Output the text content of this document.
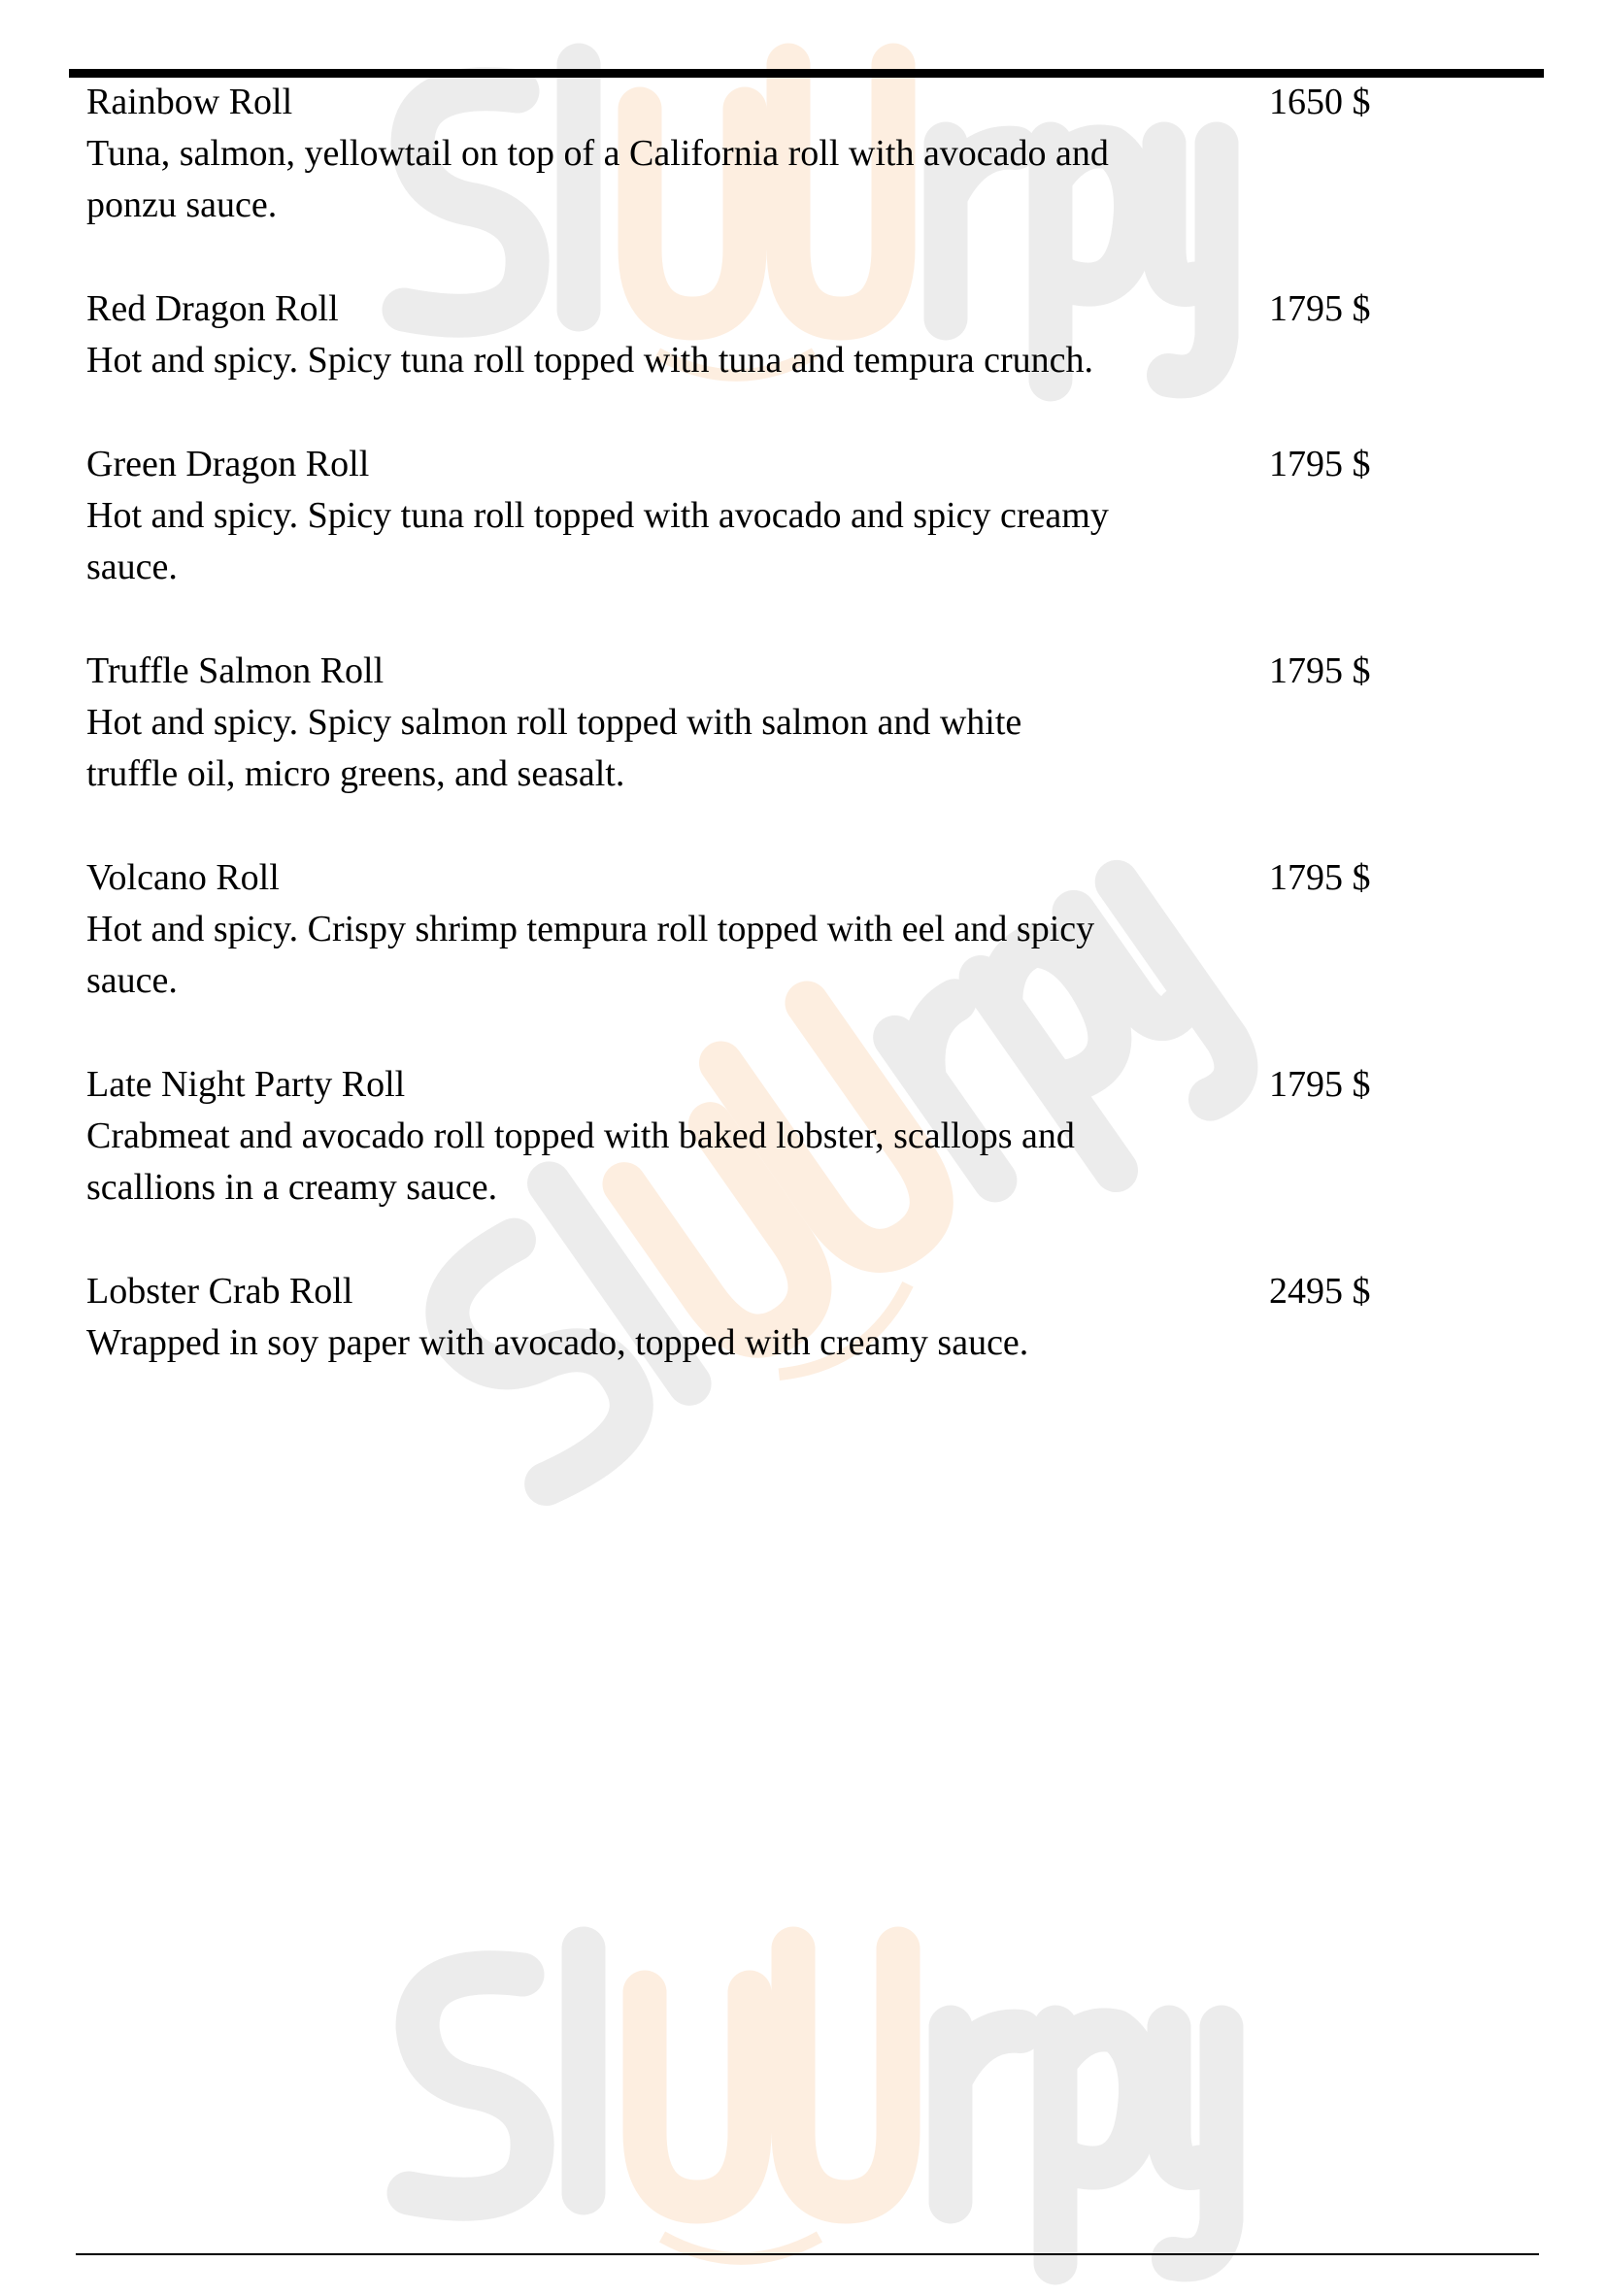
Rainbow Roll
Tuna, salmon, yellowtail on top of a California roll with avocado and
ponzu sauce.
1650 $
Red Dragon Roll
Hot and spicy. Spicy tuna roll topped with tuna and tempura crunch.
1795 $
Green Dragon Roll
Hot and spicy. Spicy tuna roll topped with avocado and spicy creamy
sauce.
1795 $
Truffle Salmon Roll
Hot and spicy. Spicy salmon roll topped with salmon and white
truffle oil, micro greens, and seasalt.
1795 $
Volcano Roll
Hot and spicy. Crispy shrimp tempura roll topped with eel and spicy
sauce.
1795 $
Late Night Party Roll
Crabmeat and avocado roll topped with baked lobster, scallops and
scallions in a creamy sauce.
1795 $
Lobster Crab Roll
Wrapped in soy paper with avocado, topped with creamy sauce.
2495 $
